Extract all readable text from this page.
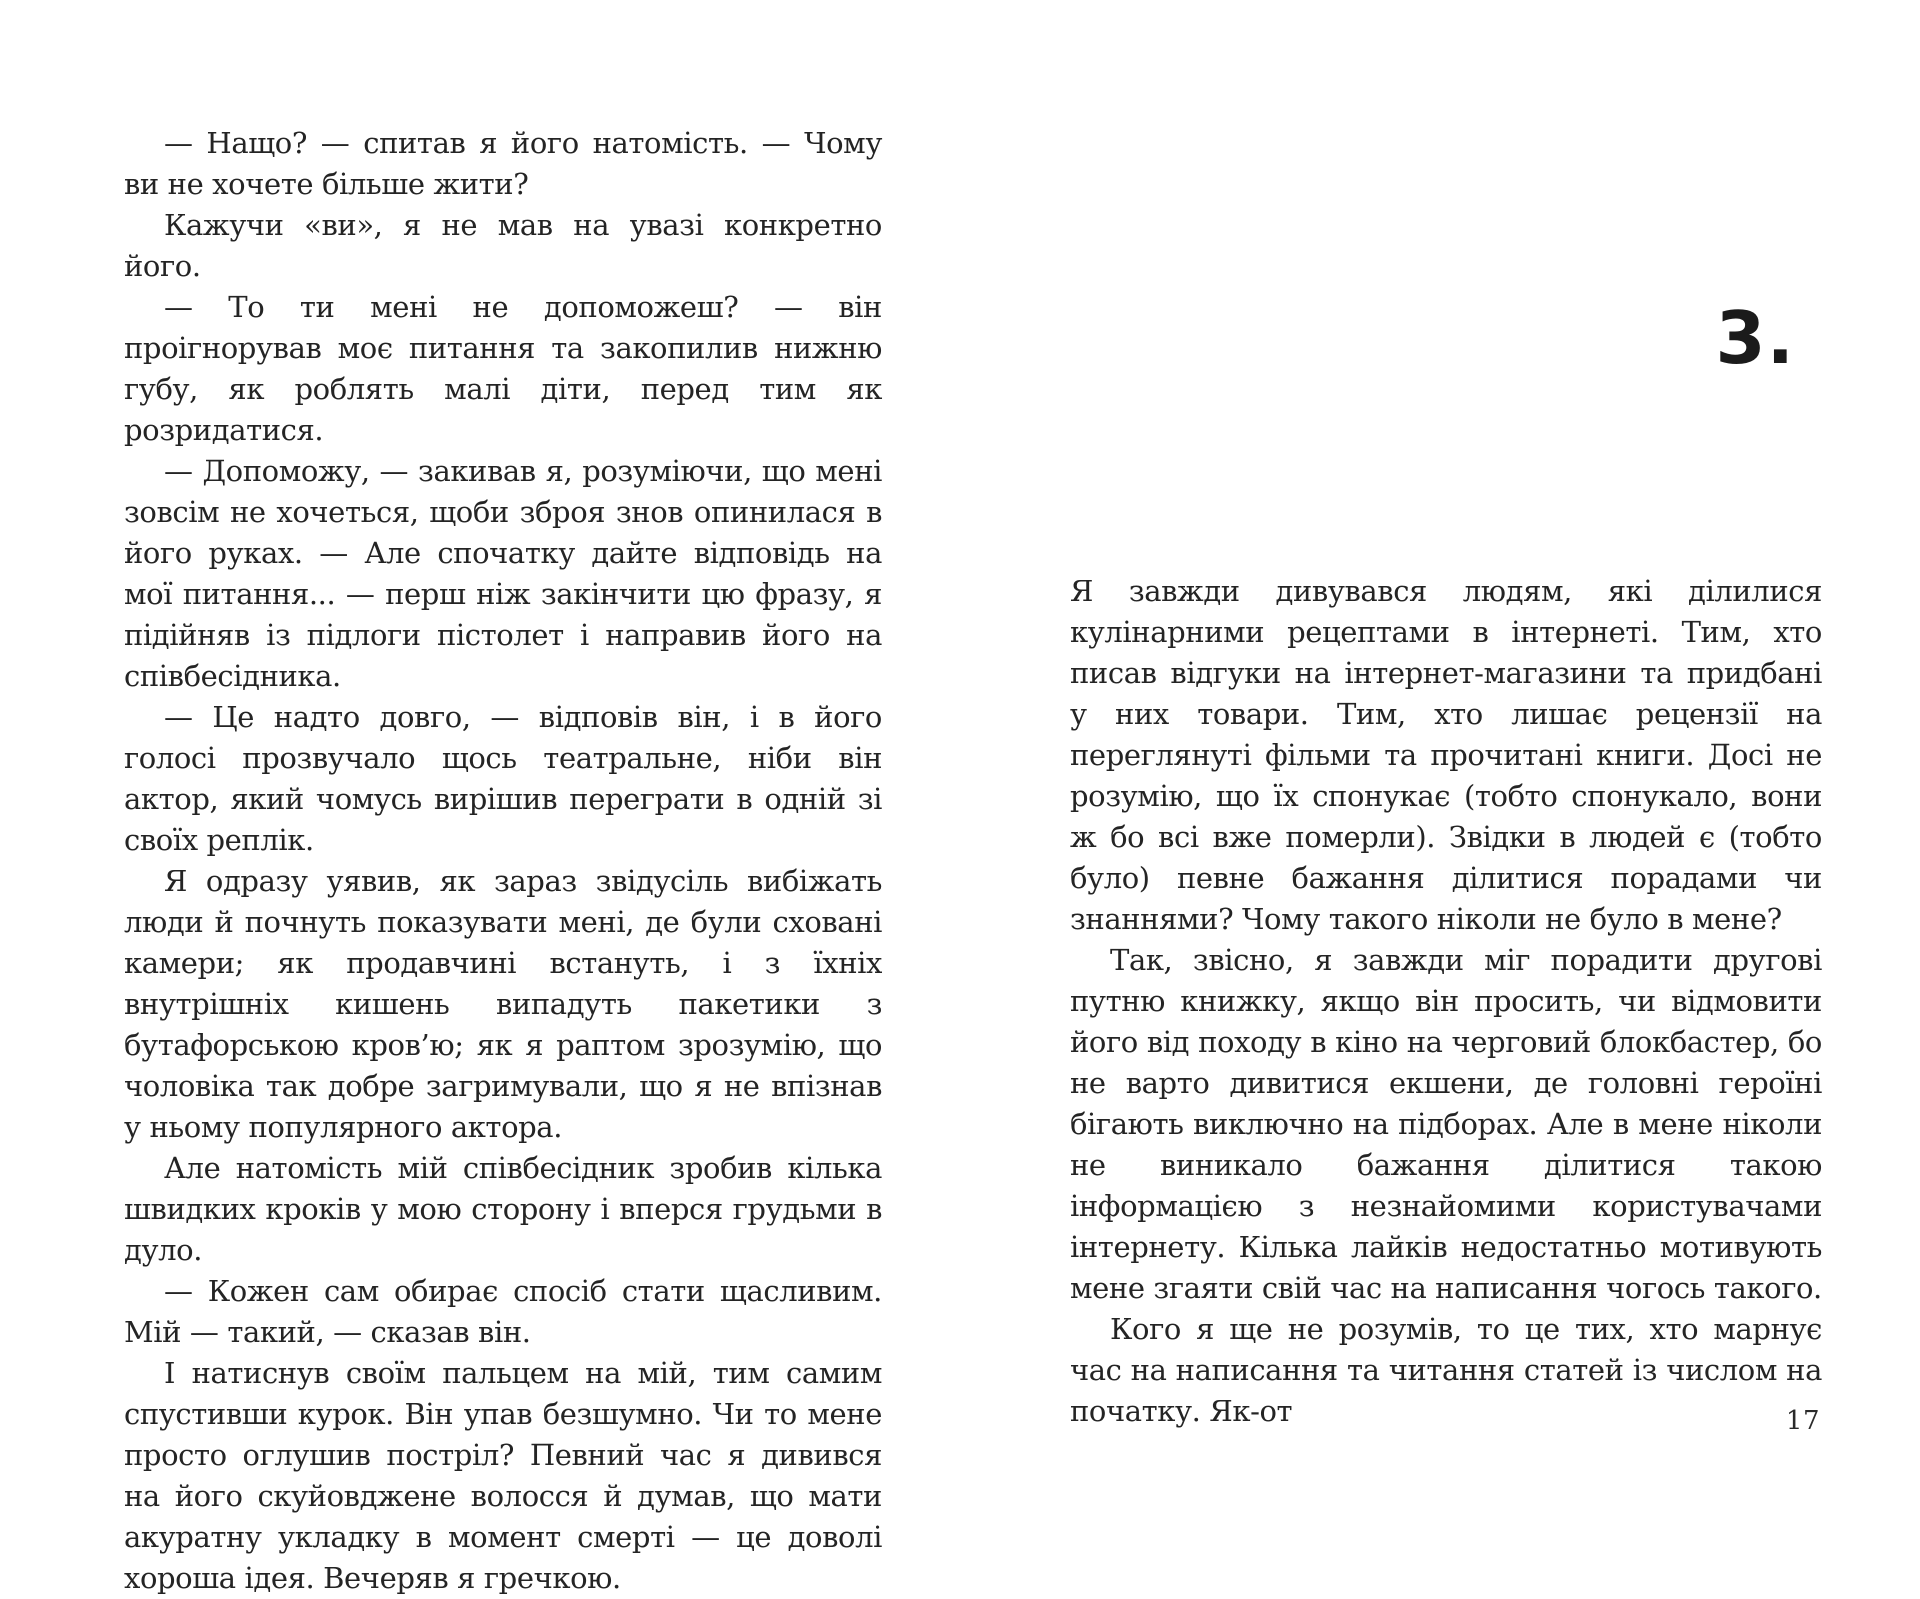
— Нащо? — спитав я його натомість. — Чому ви не хочете більше жити?

Кажучи «ви», я не мав на увазі конкретно його.

— То ти мені не допоможеш? — він проігнорував моє питання та закопилив нижню губу, як роблять малі діти, перед тим як розридатися.

— Допоможу, — закивав я, розуміючи, що мені зовсім не хочеться, щоби зброя знов опинилася в його руках. — Але спочатку дайте відповідь на мої питання... — перш ніж закінчити цю фразу, я підійняв із підлоги пістолет і направив його на співбесідника.

— Це надто довго, — відповів він, і в його голосі прозвучало щось театральне, ніби він актор, який чомусь вирішив переграти в одній зі своїх реплік.

Я одразу уявив, як зараз звідусіль вибіжать люди й почнуть показувати мені, де були сховані камери; як продавчині встануть, і з їхніх внутрішніх кишень випадуть пакетики з бутафорською кров’ю; як я раптом зрозумію, що чоловіка так добре загримували, що я не впізнав у ньому популярного актора.

Але натомість мій співбесідник зробив кілька швидких кроків у мою сторону і вперся грудьми в дуло.

— Кожен сам обирає спосіб стати щасливим. Мій — такий, — сказав він.

І натиснув своїм пальцем на мій, тим самим спустивши курок. Він упав безшумно. Чи то мене просто оглушив постріл? Певний час я дивився на його скуйовджене волосся й думав, що мати акуратну укладку в момент смерті — це доволі хороша ідея. Вечеряв я гречкою.

3.

Я завжди дивувався людям, які ділилися кулінарними рецептами в інтернеті. Тим, хто писав відгуки на інтернет-магазини та придбані у них товари. Тим, хто лишає рецензії на переглянуті фільми та прочитані книги. Досі не розумію, що їх спонукає (тобто спонукало, вони ж бо всі вже померли). Звідки в людей є (тобто було) певне бажання ділитися порадами чи знаннями? Чому такого ніколи не було в мене?

Так, звісно, я завжди міг порадити другові путню книжку, якщо він просить, чи відмовити його від походу в кіно на черговий блокбастер, бо не варто дивитися екшени, де головні героїні бігають виключно на підборах. Але в мене ніколи не виникало бажання ділитися такою інформацією з незнайомими користувачами інтернету. Кілька лайків недостатньо мотивують мене згаяти свій час на написання чогось такого.

Кого я ще не розумів, то це тих, хто марнує час на написання та читання статей із числом на початку. Як-от	17
